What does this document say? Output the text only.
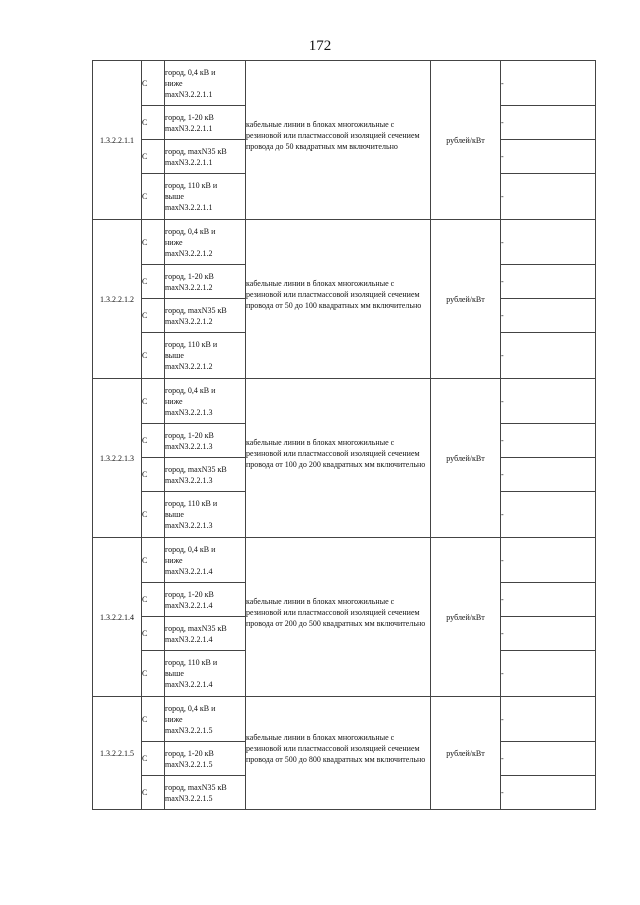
172
1.3.2.2.1.1	С	город, 0,4 кВ и
ниже
maxN3.2.2.1.1	кабельные линии в блоках многожильные с резиновой или пластмассовой изоляцией сечением провода до 50 квадратных мм включительно	рублей/кВт	-
	С	город, 1-20 кВ
maxN3.2.2.1.1			-
	С	город, maxN35 кВ
maxN3.2.2.1.1			-
	С	город, 110 кВ и
выше
maxN3.2.2.1.1			-
1.3.2.2.1.2	С	город, 0,4 кВ и
ниже
maxN3.2.2.1.2	кабельные линии в блоках многожильные с резиновой или пластмассовой изоляцией сечением провода от 50 до 100 квадратных мм включительно	рублей/кВт	-
	С	город, 1-20 кВ
maxN3.2.2.1.2			-
	С	город, maxN35 кВ
maxN3.2.2.1.2			-
	С	город, 110 кВ и
выше
maxN3.2.2.1.2			-
1.3.2.2.1.3	С	город, 0,4 кВ и
ниже
maxN3.2.2.1.3	кабельные линии в блоках многожильные с резиновой или пластмассовой изоляцией сечением провода от 100 до 200 квадратных мм включительно	рублей/кВт	-
	С	город, 1-20 кВ
maxN3.2.2.1.3			-
	С	город, maxN35 кВ
maxN3.2.2.1.3			-
	С	город, 110 кВ и
выше
maxN3.2.2.1.3			-
1.3.2.2.1.4	С	город, 0,4 кВ и
ниже
maxN3.2.2.1.4	кабельные линии в блоках многожильные с резиновой или пластмассовой изоляцией сечением провода от 200 до 500 квадратных мм включительно	рублей/кВт	-
	С	город, 1-20 кВ
maxN3.2.2.1.4			-
	С	город, maxN35 кВ
maxN3.2.2.1.4			-
	С	город, 110 кВ и
выше
maxN3.2.2.1.4			-
1.3.2.2.1.5	С	город, 0,4 кВ и
ниже
maxN3.2.2.1.5	кабельные линии в блоках многожильные с резиновой или пластмассовой изоляцией сечением провода от 500 до 800 квадратных мм включительно	рублей/кВт	-
	С	город, 1-20 кВ
maxN3.2.2.1.5			-
	С	город, maxN35 кВ
maxN3.2.2.1.5			-
